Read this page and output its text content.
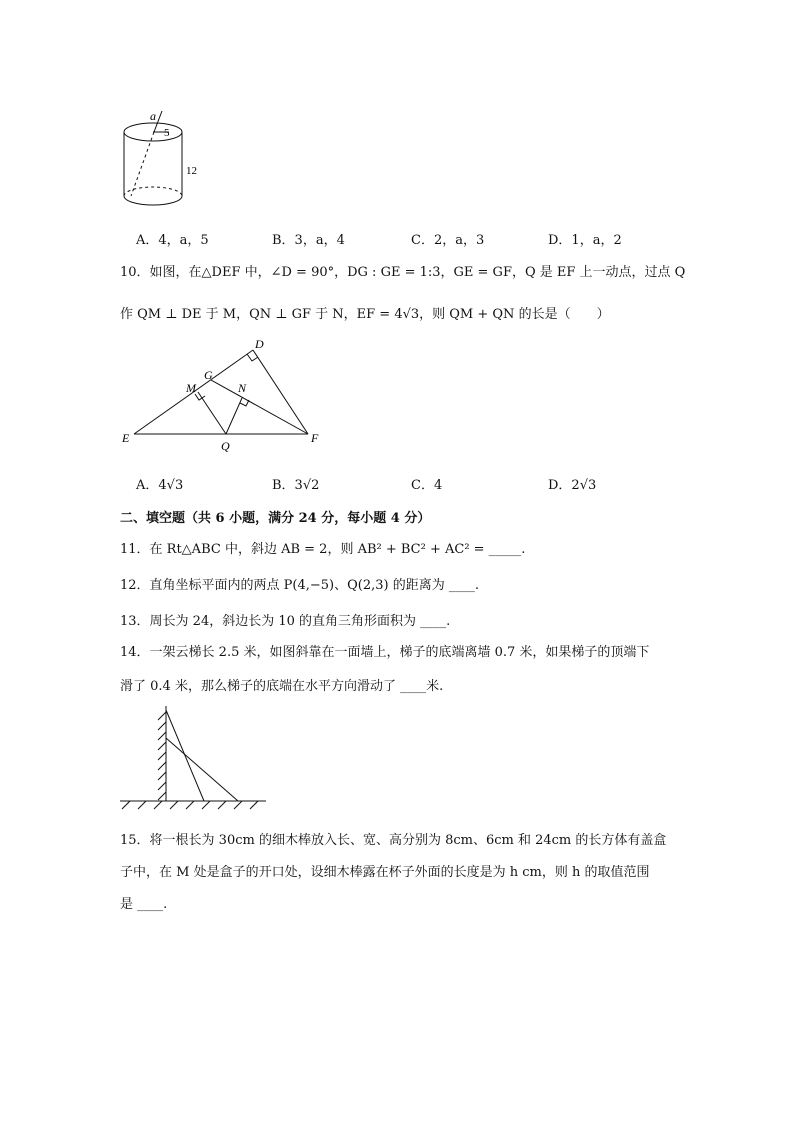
a
5
12
A．4，a，5	B．3，a，4	C．2，a，3	D．1，a，2
10．如图，在△DEF 中，∠D = 90°，DG : GE = 1:3，GE = GF，Q 是 EF 上一动点，过点 Q
作 QM ⊥ DE 于 M，QN ⊥ GF 于 N，EF = 4√3，则 QM + QN 的长是（　　）
D
G
M	N
E
Q
F
A．4√3	B．3√2	C．4	D．2√3
二、填空题（共 6 小题，满分 24 分，每小题 4 分）
11．在 Rt△ABC 中，斜边 AB = 2，则 AB² + BC² + AC² = _____.
12．直角坐标平面内的两点 P(4,−5)、Q(2,3) 的距离为 ____.
13．周长为 24，斜边长为 10 的直角三角形面积为 ____.
14．一架云梯长 2.5 米，如图斜靠在一面墙上，梯子的底端离墙 0.7 米，如果梯子的顶端下
滑了 0.4 米，那么梯子的底端在水平方向滑动了 ____米.
15．将一根长为 30cm 的细木棒放入长、宽、高分别为 8cm、6cm 和 24cm 的长方体有盖盒
子中，在 M 处是盒子的开口处，设细木棒露在杯子外面的长度是为 h cm，则 h 的取值范围
是 ____.
